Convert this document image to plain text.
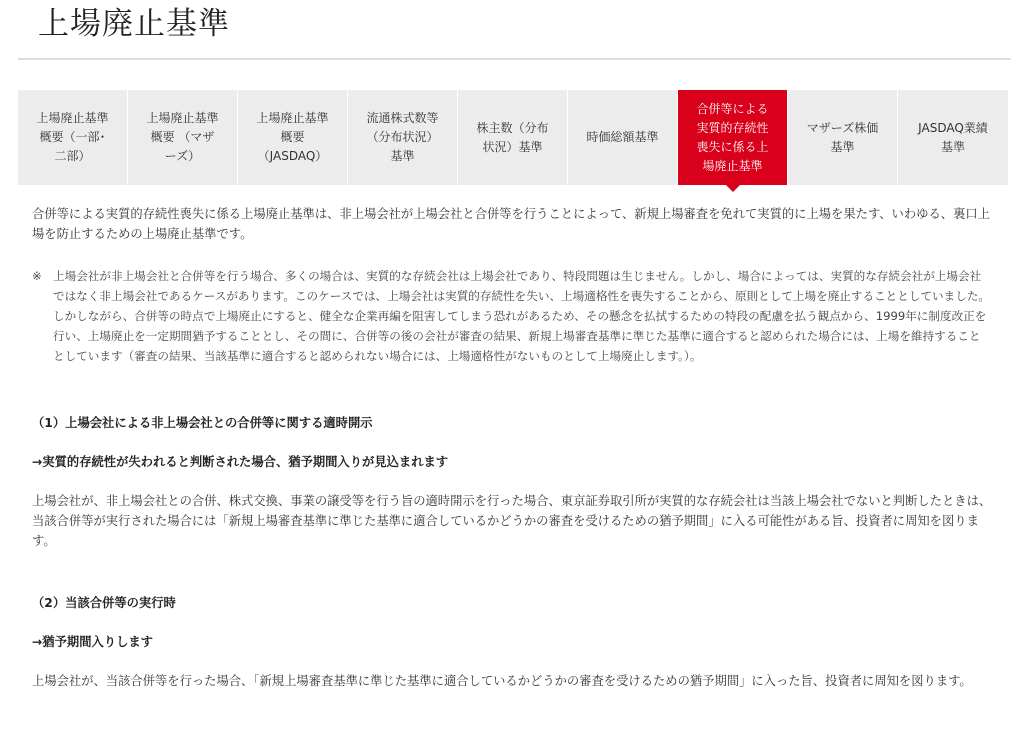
上場廃止基準
上場廃止基準
概要（一部･
二部）
上場廃止基準
概要 （マザ
ーズ）
上場廃止基準
概要
（JASDAQ）
流通株式数等
（分布状況）
基準
株主数（分布
状況）基準
時価総額基準
合併等による
実質的存続性
喪失に係る上
場廃止基準
マザーズ株価
基準
JASDAQ業績
基準

合併等による実質的存続性喪失に係る上場廃止基準は、非上場会社が上場会社と合併等を行うことによって、新規上場審査を免れて実質的に上場を果たす、いわゆる、裏口上場を防止するための上場廃止基準です。

※ 上場会社が非上場会社と合併等を行う場合、多くの場合は、実質的な存続会社は上場会社であり、特段問題は生じません。しかし、場合によっては、実質的な存続会社が上場会社ではなく非上場会社であるケースがあります。このケースでは、上場会社は実質的存続性を失い、上場適格性を喪失することから、原則として上場を廃止することとしていました。しかしながら、合併等の時点で上場廃止にすると、健全な企業再編を阻害してしまう恐れがあるため、その懸念を払拭するための特段の配慮を払う観点から、1999年に制度改正を行い、上場廃止を一定期間猶予することとし、その間に、合併等の後の会社が審査の結果、新規上場審査基準に準じた基準に適合すると認められた場合には、上場を維持することとしています（審査の結果、当該基準に適合すると認められない場合には、上場適格性がないものとして上場廃止します。）。

（1）上場会社による非上場会社との合併等に関する適時開示

→実質的存続性が失われると判断された場合、猶予期間入りが見込まれます

上場会社が、非上場会社との合併、株式交換、事業の譲受等を行う旨の適時開示を行った場合、東京証券取引所が実質的な存続会社は当該上場会社でないと判断したときは、当該合併等が実行された場合には「新規上場審査基準に準じた基準に適合しているかどうかの審査を受けるための猶予期間」に入る可能性がある旨、投資者に周知を図ります。

（2）当該合併等の実行時

→猶予期間入りします

上場会社が、当該合併等を行った場合、「新規上場審査基準に準じた基準に適合しているかどうかの審査を受けるための猶予期間」に入った旨、投資者に周知を図ります。
